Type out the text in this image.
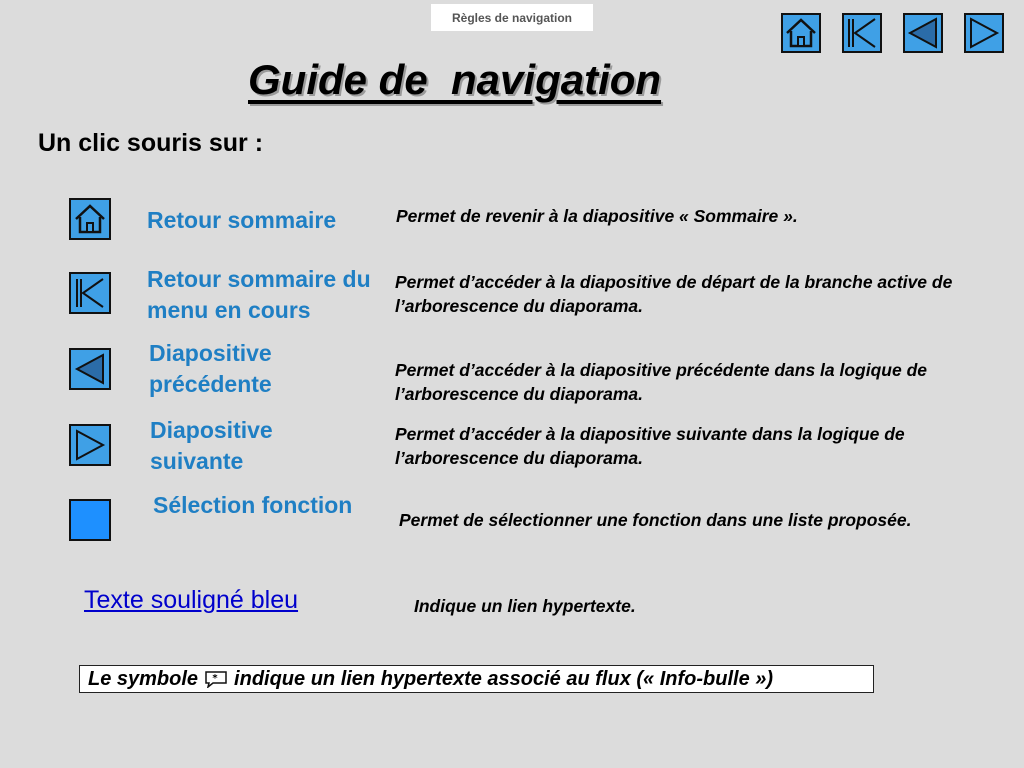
Règles de navigation
Guide de  navigation
Un clic souris sur :
Retour sommaire	Permet de revenir à la diapositive « Sommaire ».
Retour sommaire du menu en cours
Permet d’accéder à la diapositive de départ de la branche active de l’arborescence du diaporama.
Diapositive précédente
Permet d’accéder à la diapositive précédente dans la logique de l’arborescence du diaporama.
Diapositive suivante
Permet d’accéder à la diapositive suivante dans la logique de l’arborescence du diaporama.
Sélection fonction
Permet de sélectionner une fonction dans une liste proposée.
Texte souligné bleu	Indique un lien hypertexte.
Le symbole * indique un lien hypertexte associé au flux (« Info-bulle »)
